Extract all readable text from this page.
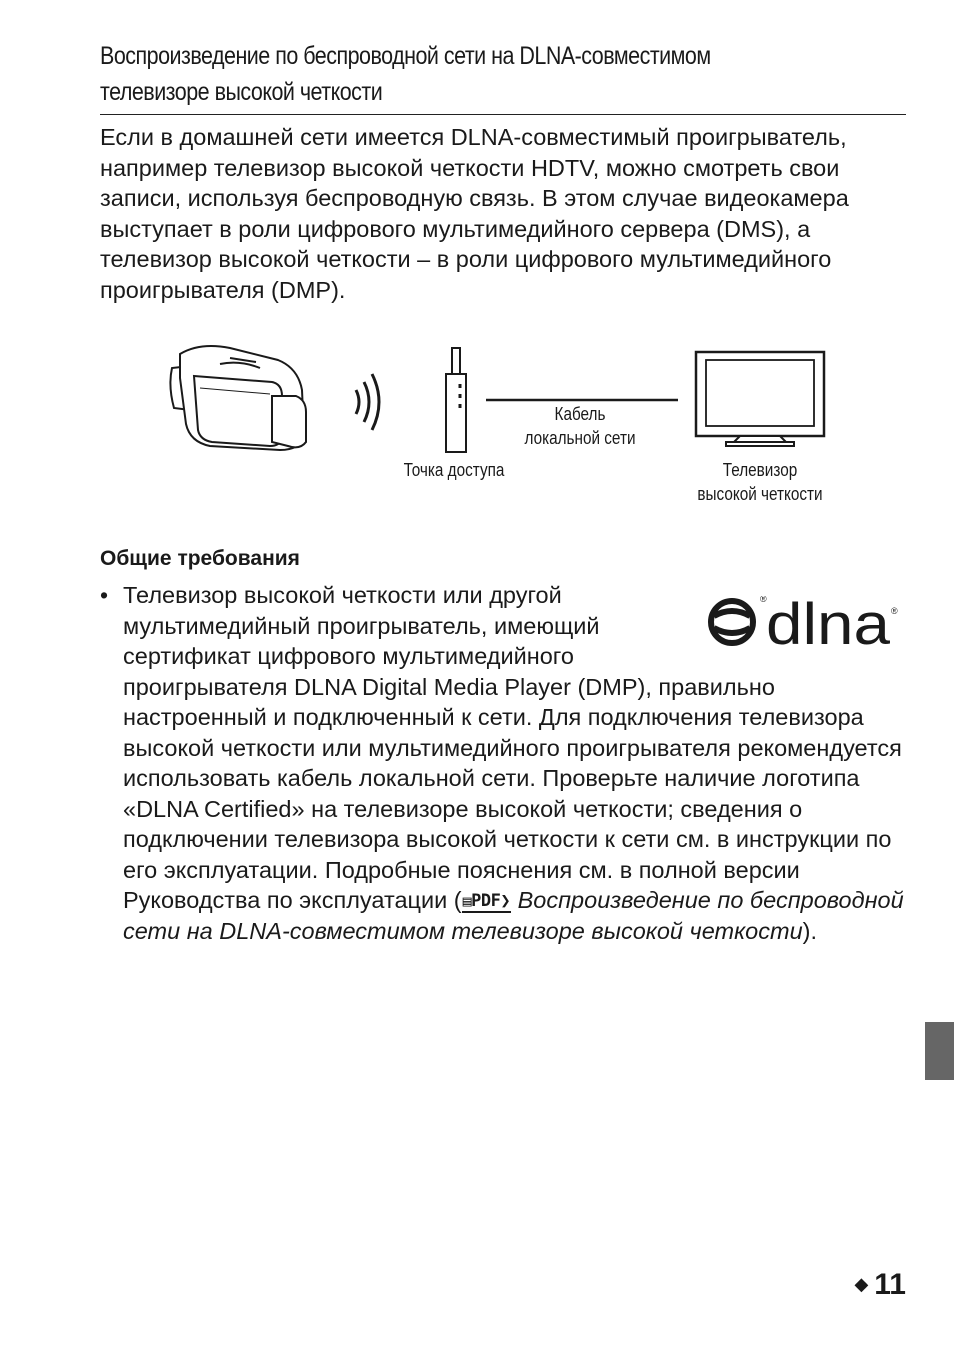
Воспроизведение по беспроводной сети на DLNA-совместимом
телевизоре высокой четкости

Если в домашней сети имеется DLNA-совместимый проигрыватель, например телевизор высокой четкости HDTV, можно смотреть свои записи, используя беспроводную связь. В этом случае видеокамера выступает в роли цифрового мультимедийного сервера (DMS), а телевизор высокой четкости – в роли цифрового мультимедийного проигрывателя (DMP).

Кабель
локальной сети
Точка доступа	Телевизор
высокой четкости
Общие требования
• Телевизор высокой четкости или другой мультимедийный проигрыватель, имеющий сертификат цифрового мультимедийного проигрывателя DLNA Digital Media Player (DMP), правильно настроенный и подключенный к сети. Для подключения телевизора высокой четкости или мультимедийного проигрывателя рекомендуется использовать кабель локальной сети. Проверьте наличие логотипа «DLNA Certified» на телевизоре высокой четкости; сведения о подключении телевизора высокой четкости к сети см. в инструкции по его эксплуатации. Подробные пояснения см. в полной версии Руководства по эксплуатации (▤PDF❯ Воспроизведение по беспроводной сети на DLNA-совместимом телевизоре высокой четкости).

® dlna ®
◆ 11
